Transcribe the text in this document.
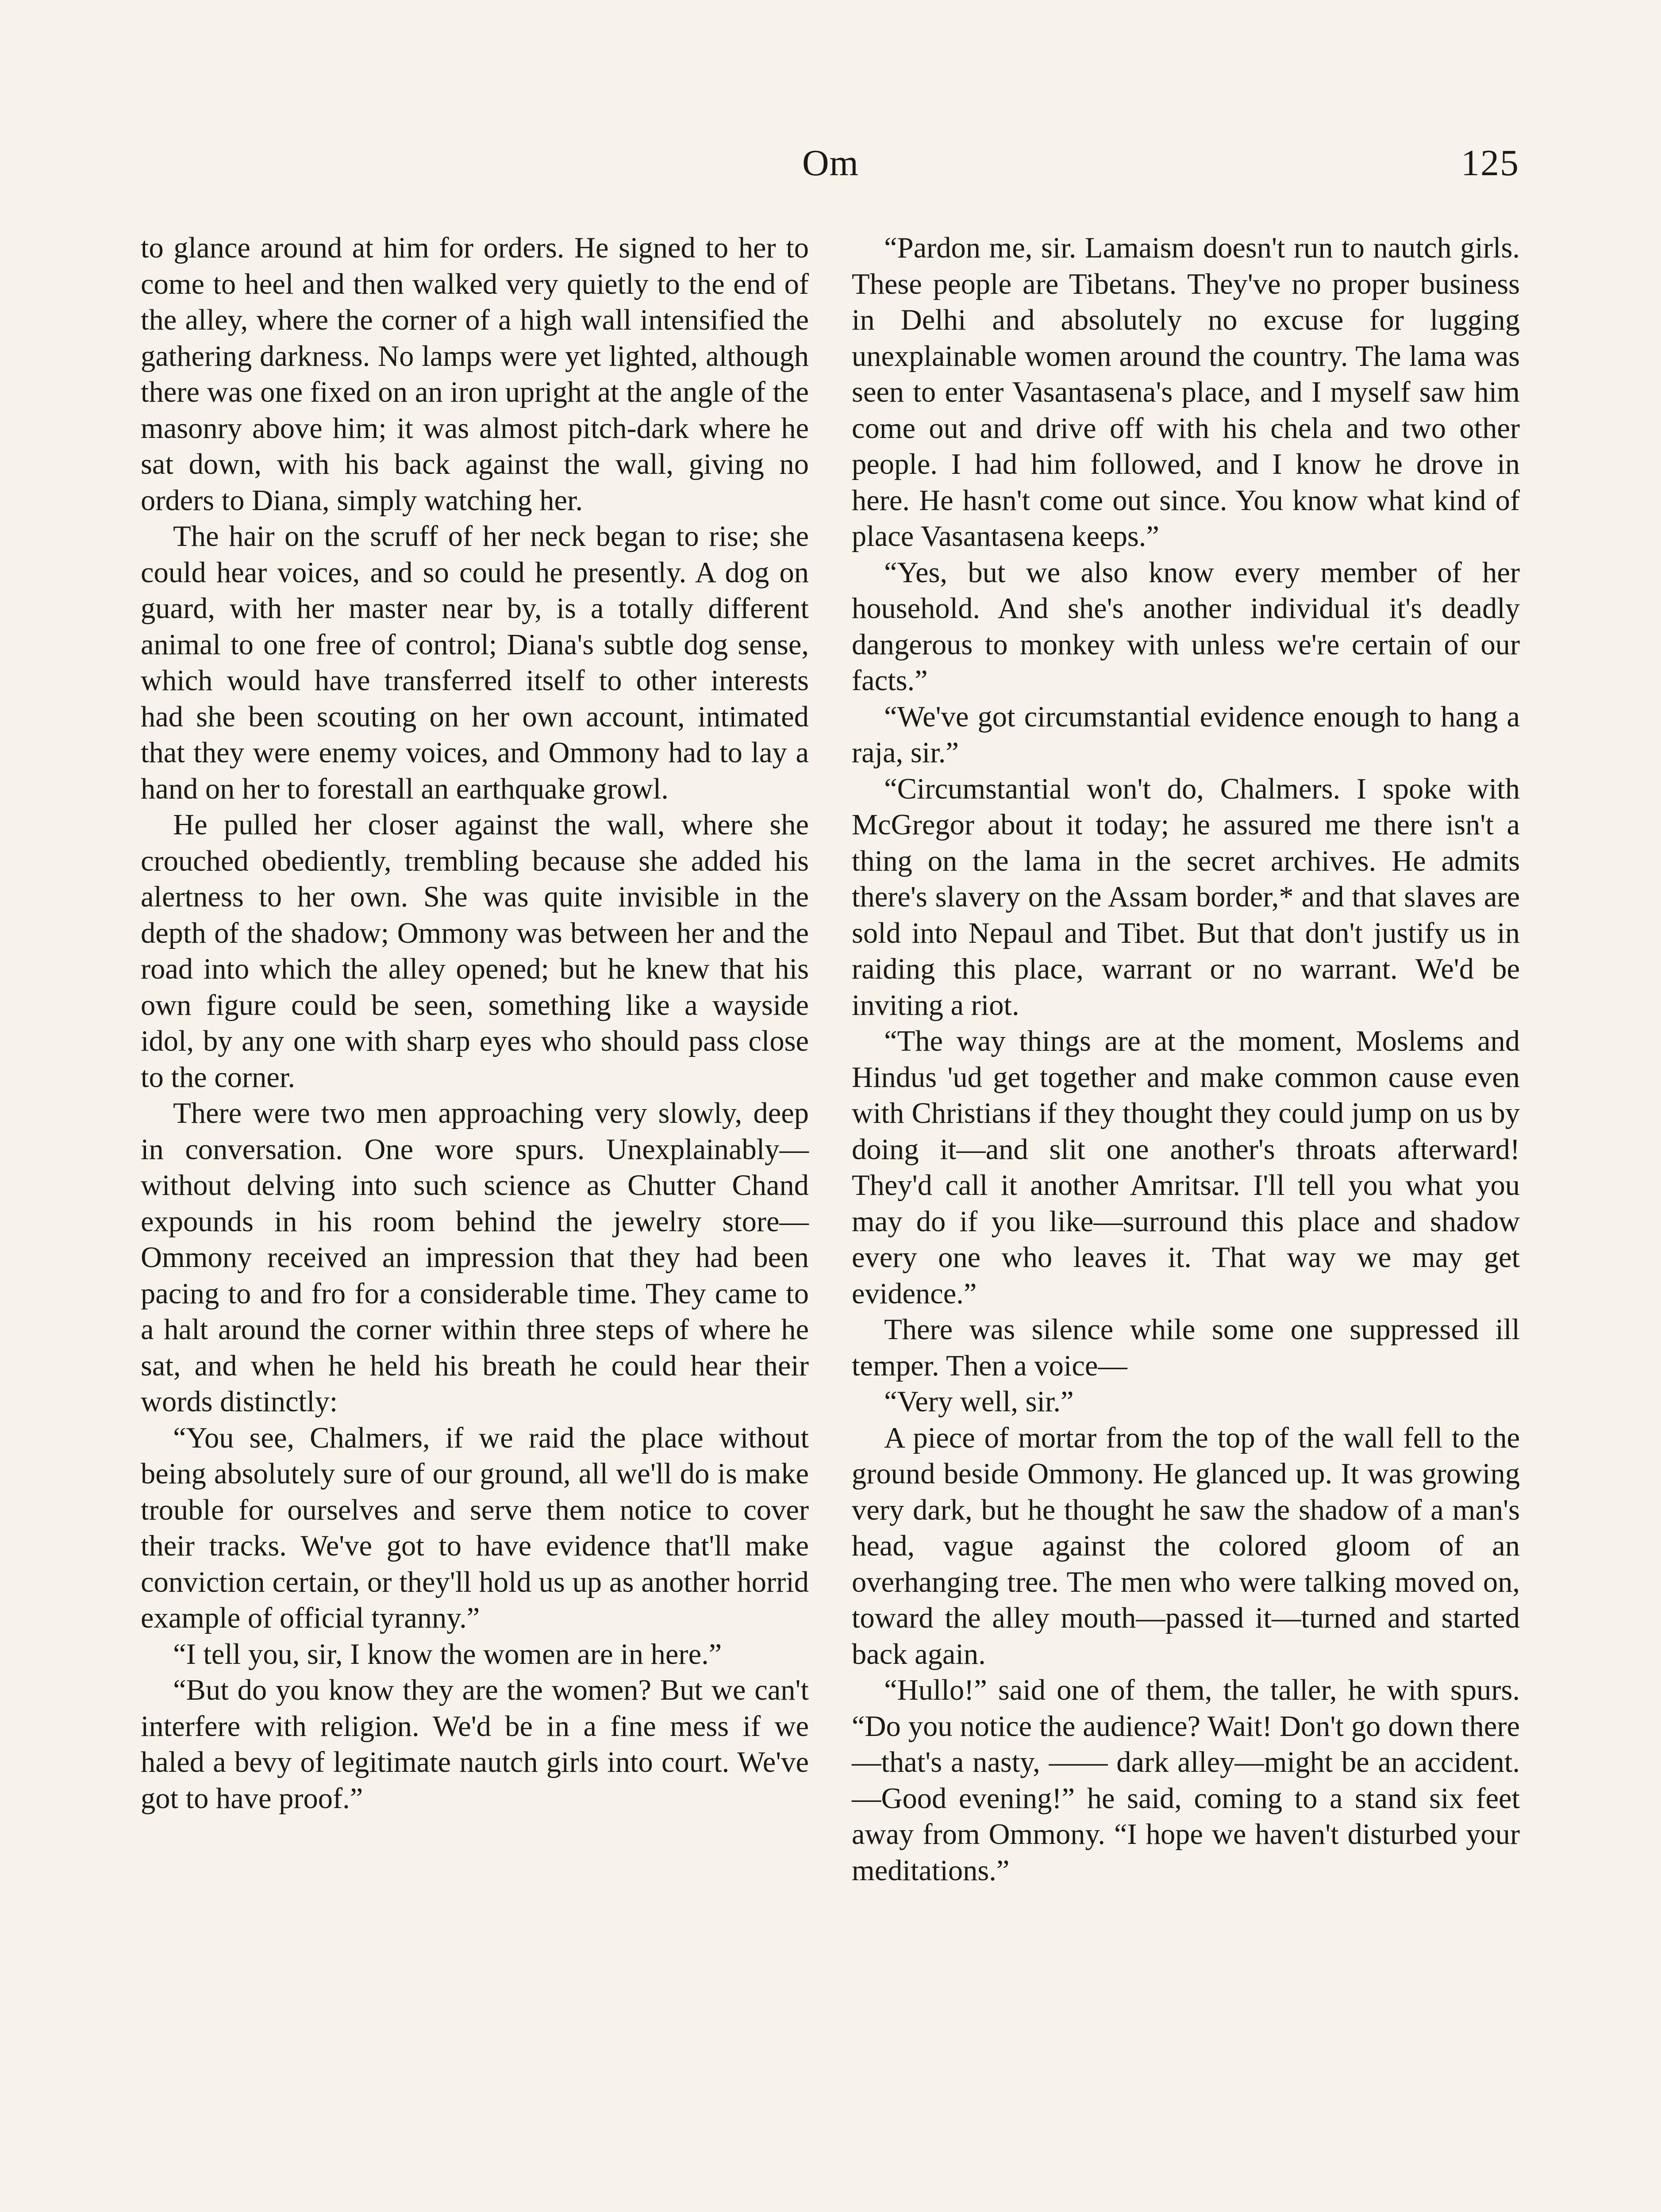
Om	125

to glance around at him for orders. He signed to her to come to heel and then walked very quietly to the end of the alley, where the corner of a high wall intensified the gathering darkness. No lamps were yet lighted, although there was one fixed on an iron upright at the angle of the masonry above him; it was almost pitch-dark where he sat down, with his back against the wall, giving no orders to Diana, simply watching her.

The hair on the scruff of her neck began to rise; she could hear voices, and so could he presently. A dog on guard, with her master near by, is a totally different animal to one free of control; Diana's subtle dog sense, which would have transferred itself to other interests had she been scouting on her own account, intimated that they were enemy voices, and Ommony had to lay a hand on her to forestall an earthquake growl.

He pulled her closer against the wall, where she crouched obediently, trembling because she added his alertness to her own. She was quite invisible in the depth of the shadow; Ommony was between her and the road into which the alley opened; but he knew that his own figure could be seen, something like a wayside idol, by any one with sharp eyes who should pass close to the corner.

There were two men approaching very slowly, deep in conversation. One wore spurs. Unexplainably—without delving into such science as Chutter Chand expounds in his room behind the jewelry store—Ommony received an impression that they had been pacing to and fro for a considerable time. They came to a halt around the corner within three steps of where he sat, and when he held his breath he could hear their words distinctly:

“You see, Chalmers, if we raid the place without being absolutely sure of our ground, all we'll do is make trouble for ourselves and serve them notice to cover their tracks. We've got to have evidence that'll make conviction certain, or they'll hold us up as another horrid example of official tyranny.”

“I tell you, sir, I know the women are in here.”

“But do you know they are the women? But we can't interfere with religion. We'd be in a fine mess if we haled a bevy of legitimate nautch girls into court. We've got to have proof.”

“Pardon me, sir. Lamaism doesn't run to nautch girls. These people are Tibetans. They've no proper business in Delhi and absolutely no excuse for lugging unexplainable women around the country. The lama was seen to enter Vasantasena's place, and I myself saw him come out and drive off with his chela and two other people. I had him followed, and I know he drove in here. He hasn't come out since. You know what kind of place Vasantasena keeps.”

“Yes, but we also know every member of her household. And she's another individual it's deadly dangerous to monkey with unless we're certain of our facts.”

“We've got circumstantial evidence enough to hang a raja, sir.”

“Circumstantial won't do, Chalmers. I spoke with McGregor about it today; he assured me there isn't a thing on the lama in the secret archives. He admits there's slavery on the Assam border,* and that slaves are sold into Nepaul and Tibet. But that don't justify us in raiding this place, warrant or no warrant. We'd be inviting a riot.

“The way things are at the moment, Moslems and Hindus 'ud get together and make common cause even with Christians if they thought they could jump on us by doing it—and slit one another's throats afterward! They'd call it another Amritsar. I'll tell you what you may do if you like—surround this place and shadow every one who leaves it. That way we may get evidence.”

There was silence while some one suppressed ill temper. Then a voice—

“Very well, sir.”

A piece of mortar from the top of the wall fell to the ground beside Ommony. He glanced up. It was growing very dark, but he thought he saw the shadow of a man's head, vague against the colored gloom of an overhanging tree. The men who were talking moved on, toward the alley mouth—passed it—turned and started back again.

“Hullo!” said one of them, the taller, he with spurs. “Do you notice the audience? Wait! Don't go down there—that's a nasty, —— dark alley—might be an accident.—Good evening!” he said, coming to a stand six feet away from Ommony. “I hope we haven't disturbed your meditations.”
